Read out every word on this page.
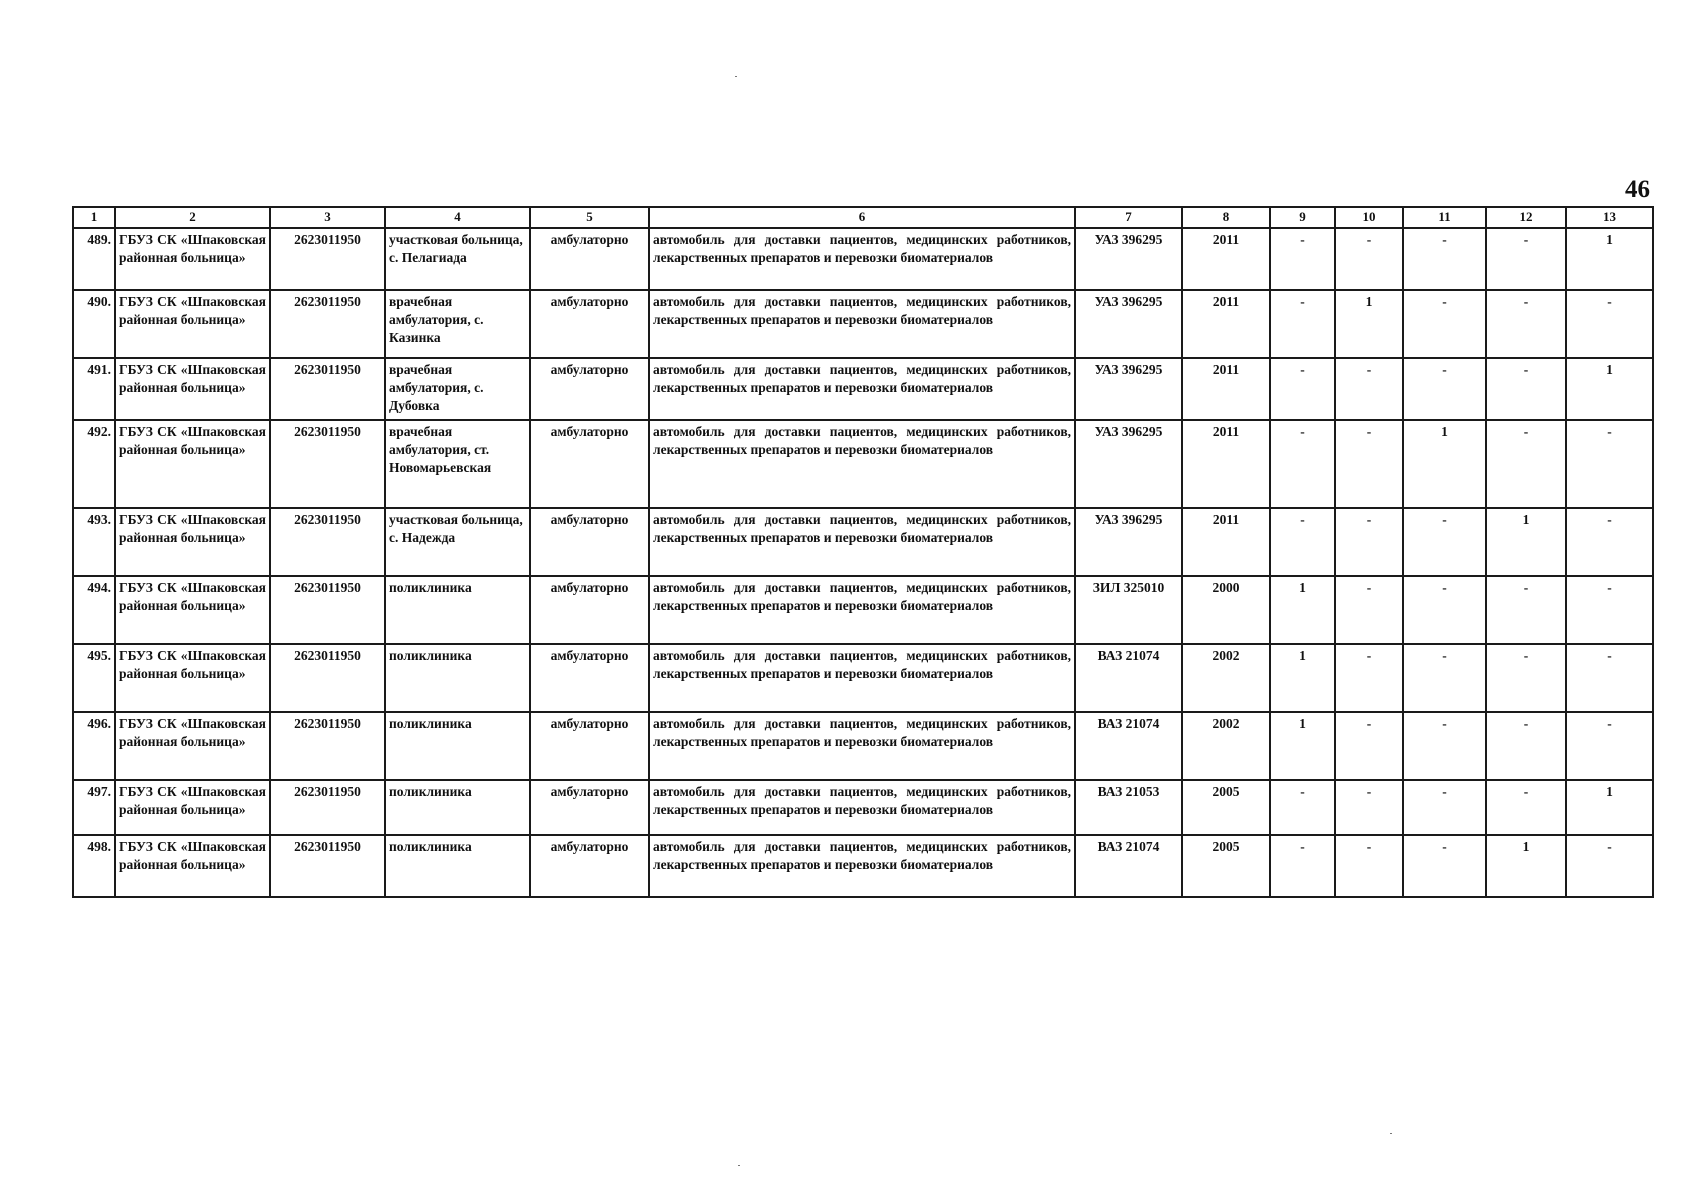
46
1	2	3	4	5	6	7	8	9	10	11	12	13
489.	ГБУЗ СК «Шпаковская районная больница»	2623011950	участковая больница, с. Пелагиада	амбулаторно	автомобиль для доставки пациентов, медицинских работников, лекарственных препаратов и перевозки биоматериалов	УАЗ 396295	2011	-	-	-	-	1
490.	ГБУЗ СК «Шпаковская районная больница»	2623011950	врачебная амбулатория, с. Казинка	амбулаторно	автомобиль для доставки пациентов, медицинских работников, лекарственных препаратов и перевозки биоматериалов	УАЗ 396295	2011	-	1	-	-	-
491.	ГБУЗ СК «Шпаковская районная больница»	2623011950	врачебная амбулатория, с. Дубовка	амбулаторно	автомобиль для доставки пациентов, медицинских работников, лекарственных препаратов и перевозки биоматериалов	УАЗ 396295	2011	-	-	-	-	1
492.	ГБУЗ СК «Шпаковская районная больница»	2623011950	врачебная амбулатория, ст. Новомарьевская	амбулаторно	автомобиль для доставки пациентов, медицинских работников, лекарственных препаратов и перевозки биоматериалов	УАЗ 396295	2011	-	-	1	-	-
493.	ГБУЗ СК «Шпаковская районная больница»	2623011950	участковая больница, с. Надежда	амбулаторно	автомобиль для доставки пациентов, медицинских работников, лекарственных препаратов и перевозки биоматериалов	УАЗ 396295	2011	-	-	-	1	-
494.	ГБУЗ СК «Шпаковская районная больница»	2623011950	поликлиника	амбулаторно	автомобиль для доставки пациентов, медицинских работников, лекарственных препаратов и перевозки биоматериалов	ЗИЛ 325010	2000	1	-	-	-	-
495.	ГБУЗ СК «Шпаковская районная больница»	2623011950	поликлиника	амбулаторно	автомобиль для доставки пациентов, медицинских работников, лекарственных препаратов и перевозки биоматериалов	ВАЗ 21074	2002	1	-	-	-	-
496.	ГБУЗ СК «Шпаковская районная больница»	2623011950	поликлиника	амбулаторно	автомобиль для доставки пациентов, медицинских работников, лекарственных препаратов и перевозки биоматериалов	ВАЗ 21074	2002	1	-	-	-	-
497.	ГБУЗ СК «Шпаковская районная больница»	2623011950	поликлиника	амбулаторно	автомобиль для доставки пациентов, медицинских работников, лекарственных препаратов и перевозки биоматериалов	ВАЗ 21053	2005	-	-	-	-	1
498.	ГБУЗ СК «Шпаковская районная больница»	2623011950	поликлиника	амбулаторно	автомобиль для доставки пациентов, медицинских работников, лекарственных препаратов и перевозки биоматериалов	ВАЗ 21074	2005	-	-	-	1	-
